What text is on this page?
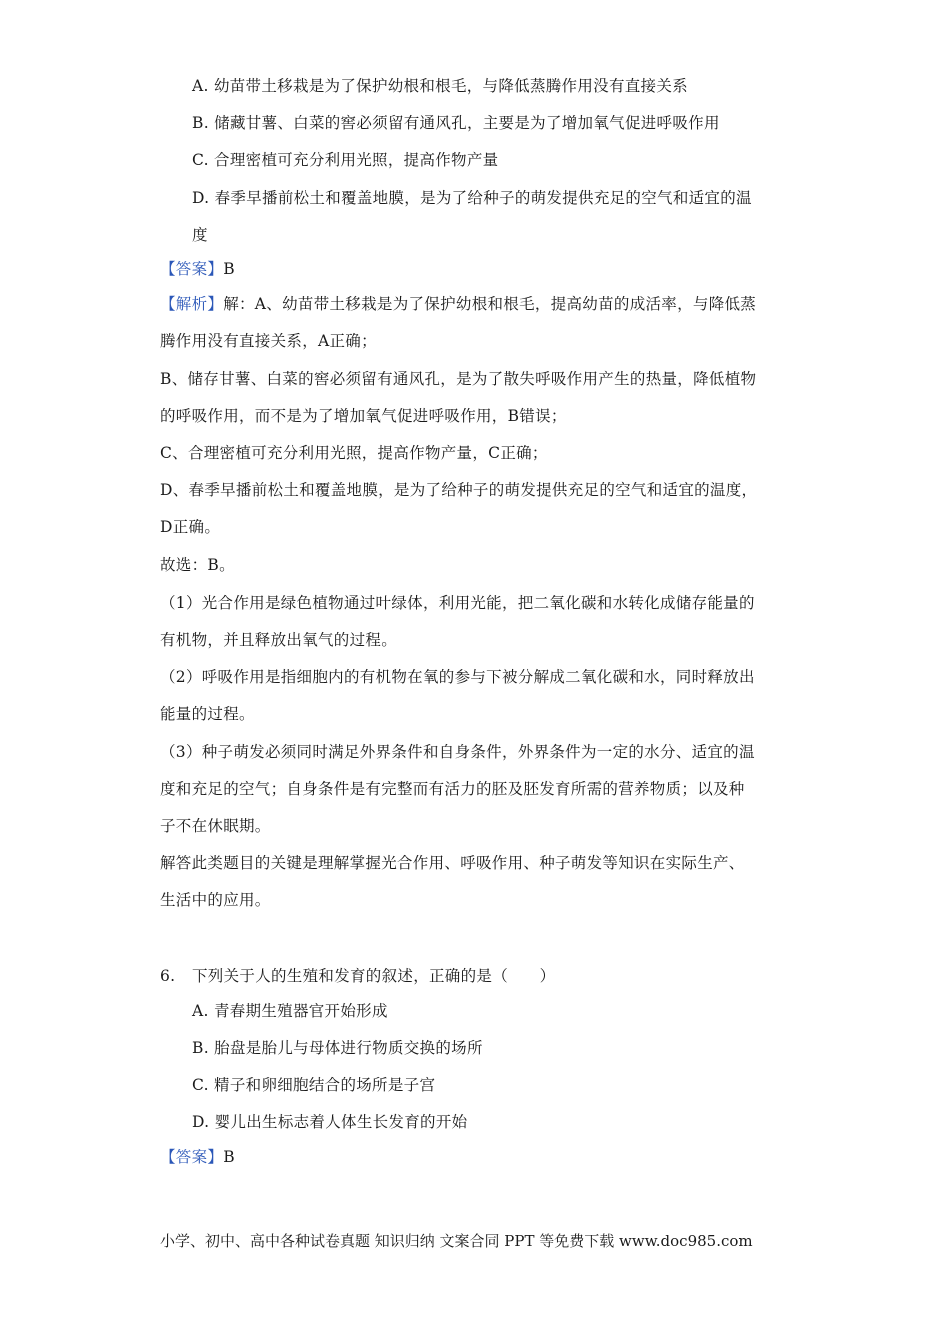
A. 幼苗带土移栽是为了保护幼根和根毛，与降低蒸腾作用没有直接关系
B. 储藏甘薯、白菜的窖必须留有通风孔，主要是为了增加氧气促进呼吸作用
C. 合理密植可充分利用光照，提高作物产量
D. 春季早播前松土和覆盖地膜，是为了给种子的萌发提供充足的空气和适宜的温
度
【答案】B
【解析】解：A、幼苗带土移栽是为了保护幼根和根毛，提高幼苗的成活率，与降低蒸
腾作用没有直接关系，A正确；
B、储存甘薯、白菜的窖必须留有通风孔，是为了散失呼吸作用产生的热量，降低植物
的呼吸作用，而不是为了增加氧气促进呼吸作用，B错误；
C、合理密植可充分利用光照，提高作物产量，C正确；
D、春季早播前松土和覆盖地膜，是为了给种子的萌发提供充足的空气和适宜的温度，
D正确。
故选：B。
（1）光合作用是绿色植物通过叶绿体，利用光能，把二氧化碳和水转化成储存能量的
有机物，并且释放出氧气的过程。
（2）呼吸作用是指细胞内的有机物在氧的参与下被分解成二氧化碳和水，同时释放出
能量的过程。
（3）种子萌发必须同时满足外界条件和自身条件，外界条件为一定的水分、适宜的温
度和充足的空气；自身条件是有完整而有活力的胚及胚发育所需的营养物质；以及种
子不在休眠期。
解答此类题目的关键是理解掌握光合作用、呼吸作用、种子萌发等知识在实际生产、
生活中的应用。
6. 下列关于人的生殖和发育的叙述，正确的是（　　）
A. 青春期生殖器官开始形成
B. 胎盘是胎儿与母体进行物质交换的场所
C. 精子和卵细胞结合的场所是子宫
D. 婴儿出生标志着人体生长发育的开始
【答案】B
小学、初中、高中各种试卷真题 知识归纳 文案合同 PPT 等免费下载 www.doc985.com
